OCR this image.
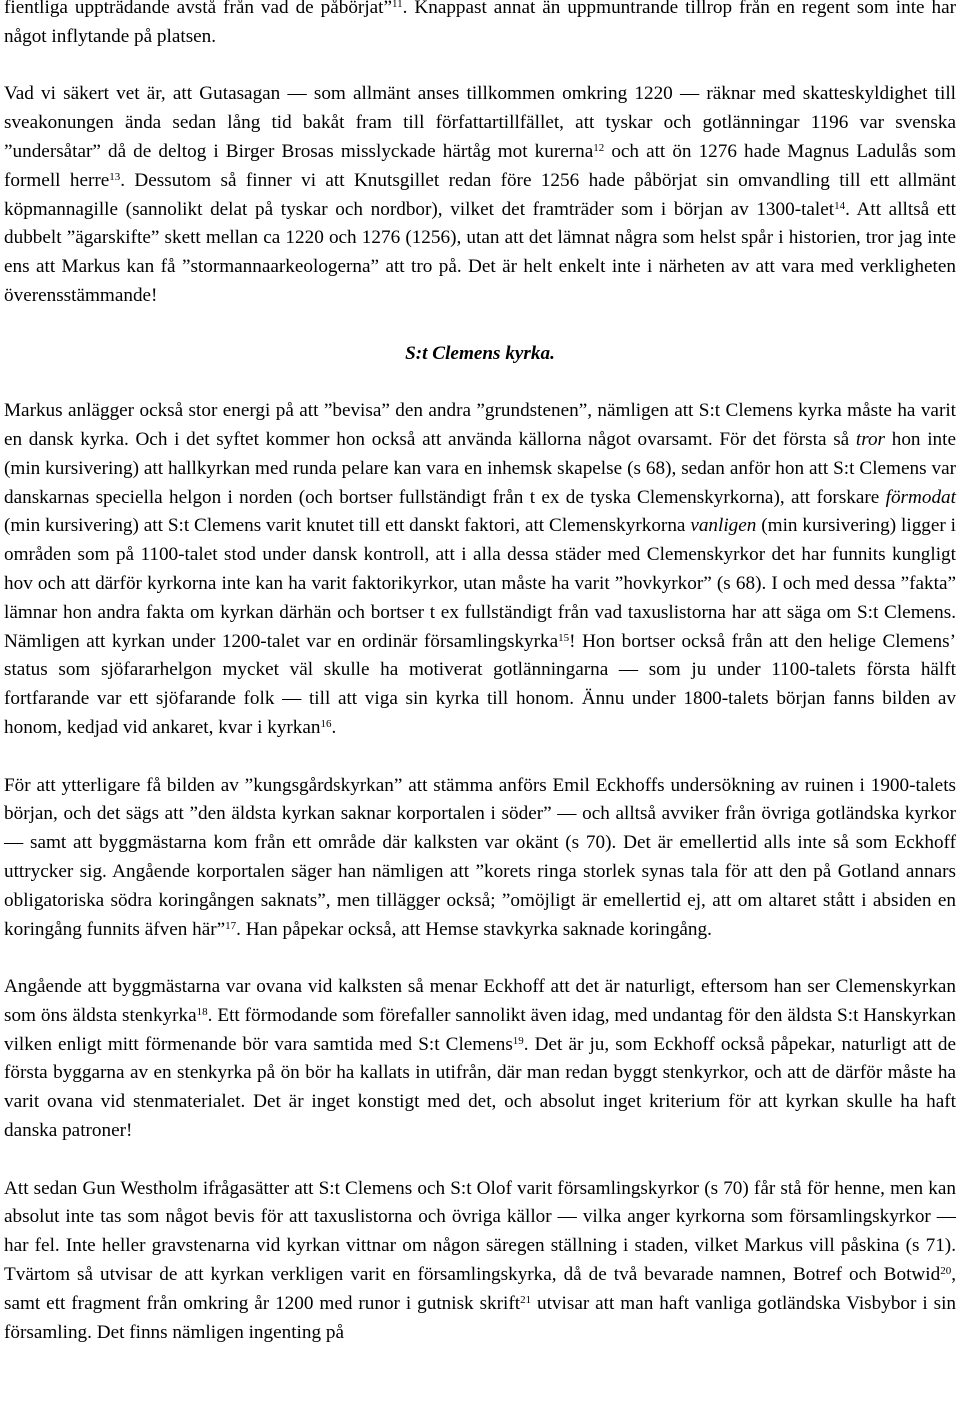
fientliga uppträdande avstå från vad de påbörjat”$^{11}$. Knappast annat än uppmuntrande tillrop från en regent som inte har något inflytande på platsen.

Vad vi säkert vet är, att Gutasagan — som allmänt anses tillkommen omkring 1220 — räknar med skatteskyldighet till sveakonungen ända sedan lång tid bakåt fram till författartillfället, att tyskar och gotlänningar 1196 var svenska ”undersåtar” då de deltog i Birger Brosas misslyckade härtåg mot kurerna$^{12}$ och att ön 1276 hade Magnus Ladulås som formell herre$^{13}$. Dessutom så finner vi att Knutsgillet redan före 1256 hade påbörjat sin omvandling till ett allmänt köpmannagille (sannolikt delat på tyskar och nordbor), vilket det framträder som i början av 1300-talet$^{14}$. Att alltså ett dubbelt ”ägarskifte” skett mellan ca 1220 och 1276 (1256), utan att det lämnat några som helst spår i historien, tror jag inte ens att Markus kan få ”stormannaarkeologerna” att tro på. Det är helt enkelt inte i närheten av att vara med verkligheten överensstämmande!

S:t Clemens kyrka.

Markus anlägger också stor energi på att ”bevisa” den andra ”grundstenen”, nämligen att S:t Clemens kyrka måste ha varit en dansk kyrka. Och i det syftet kommer hon också att använda källorna något ovarsamt. För det första så tror hon inte (min kursivering) att hallkyrkan med runda pelare kan vara en inhemsk skapelse (s 68), sedan anför hon att S:t Clemens var danskarnas speciella helgon i norden (och bortser fullständigt från t ex de tyska Clemenskyrkorna), att forskare förmodat (min kursivering) att S:t Clemens varit knutet till ett danskt faktori, att Clemenskyrkorna vanligen (min kursivering) ligger i områden som på 1100-talet stod under dansk kontroll, att i alla dessa städer med Clemenskyrkor det har funnits kungligt hov och att därför kyrkorna inte kan ha varit faktorikyrkor, utan måste ha varit ”hovkyrkor” (s 68). I och med dessa ”fakta” lämnar hon andra fakta om kyrkan därhän och bortser t ex fullständigt från vad taxuslistorna har att säga om S:t Clemens. Nämligen att kyrkan under 1200-talet var en ordinär församlingskyrka$^{15}$! Hon bortser också från att den helige Clemens’ status som sjöfararhelgon mycket väl skulle ha motiverat gotlänningarna — som ju under 1100-talets första hälft fortfarande var ett sjöfarande folk — till att viga sin kyrka till honom. Ännu under 1800-talets början fanns bilden av honom, kedjad vid ankaret, kvar i kyrkan$^{16}$.

För att ytterligare få bilden av ”kungsgårdskyrkan” att stämma anförs Emil Eckhoffs undersökning av ruinen i 1900-talets början, och det sägs att ”den äldsta kyrkan saknar korportalen i söder” — och alltså avviker från övriga gotländska kyrkor — samt att byggmästarna kom från ett område där kalksten var okänt (s 70). Det är emellertid alls inte så som Eckhoff uttrycker sig. Angående korportalen säger han nämligen att ”korets ringa storlek synas tala för att den på Gotland annars obligatoriska södra koringången saknats”, men tillägger också; ”omöjligt är emellertid ej, att om altaret stått i absiden en koringång funnits äfven här”$^{17}$. Han påpekar också, att Hemse stavkyrka saknade koringång.

Angående att byggmästarna var ovana vid kalksten så menar Eckhoff att det är naturligt, eftersom han ser Clemenskyrkan som öns äldsta stenkyrka$^{18}$. Ett förmodande som förefaller sannolikt även idag, med undantag för den äldsta S:t Hanskyrkan vilken enligt mitt förmenande bör vara samtida med S:t Clemens$^{19}$. Det är ju, som Eckhoff också påpekar, naturligt att de första byggarna av en stenkyrka på ön bör ha kallats in utifrån, där man redan byggt stenkyrkor, och att de därför måste ha varit ovana vid stenmaterialet. Det är inget konstigt med det, och absolut inget kriterium för att kyrkan skulle ha haft danska patroner!

Att sedan Gun Westholm ifrågasätter att S:t Clemens och S:t Olof varit församlingskyrkor (s 70) får stå för henne, men kan absolut inte tas som något bevis för att taxuslistorna och övriga källor — vilka anger kyrkorna som församlingskyrkor — har fel. Inte heller gravstenarna vid kyrkan vittnar om någon säregen ställning i staden, vilket Markus vill påskina (s 71). Tvärtom så utvisar de att kyrkan verkligen varit en församlingskyrka, då de två bevarade namnen, Botref och Botwid$^{20}$, samt ett fragment från omkring år 1200 med runor i gutnisk skrift$^{21}$ utvisar att man haft vanliga gotländska Visbybor i sin församling. Det finns nämligen ingenting på
